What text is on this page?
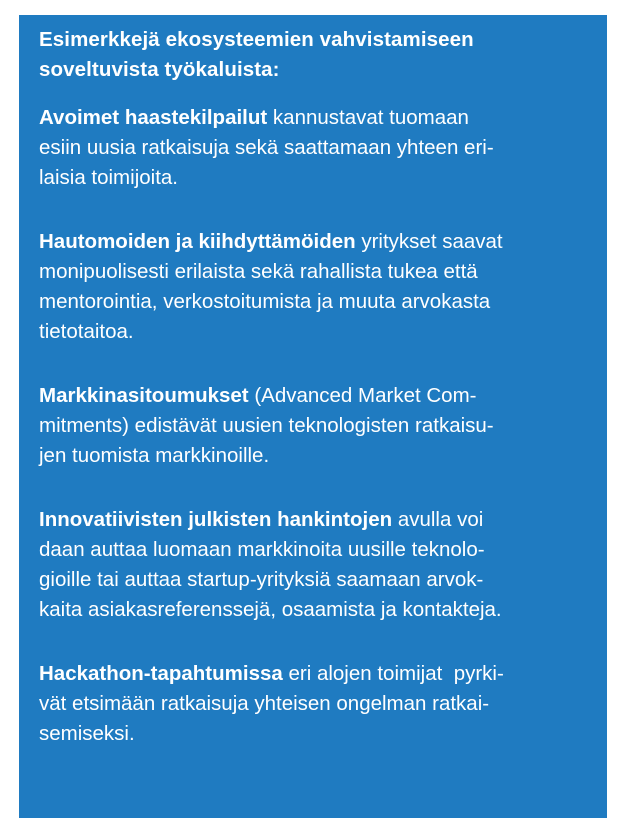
Esimerkkejä ekosysteemien vahvistamiseen
soveltuvista työkaluista:

Avoimet haastekilpailut kannustavat tuomaan
esiin uusia ratkaisuja sekä saattamaan yhteen eri-
laisia toimijoita.

Hautomoiden ja kiihdyttämöiden yritykset saavat
monipuolisesti erilaista sekä rahallista tukea että
mentorointia, verkostoitumista ja muuta arvokasta
tietotaitoa.

Markkinasitoumukset (Advanced Market Com-
mitments) edistävät uusien teknologisten ratkaisu-
jen tuomista markkinoille.

Innovatiivisten julkisten hankintojen avulla voi
daan auttaa luomaan markkinoita uusille teknolo-
gioille tai auttaa startup-yrityksiä saamaan arvok-
kaita asiakasreferenssejä, osaamista ja kontakteja.

Hackathon-tapahtumissa eri alojen toimijat  pyrki-
vät etsimään ratkaisuja yhteisen ongelman ratkai-
semiseksi.
